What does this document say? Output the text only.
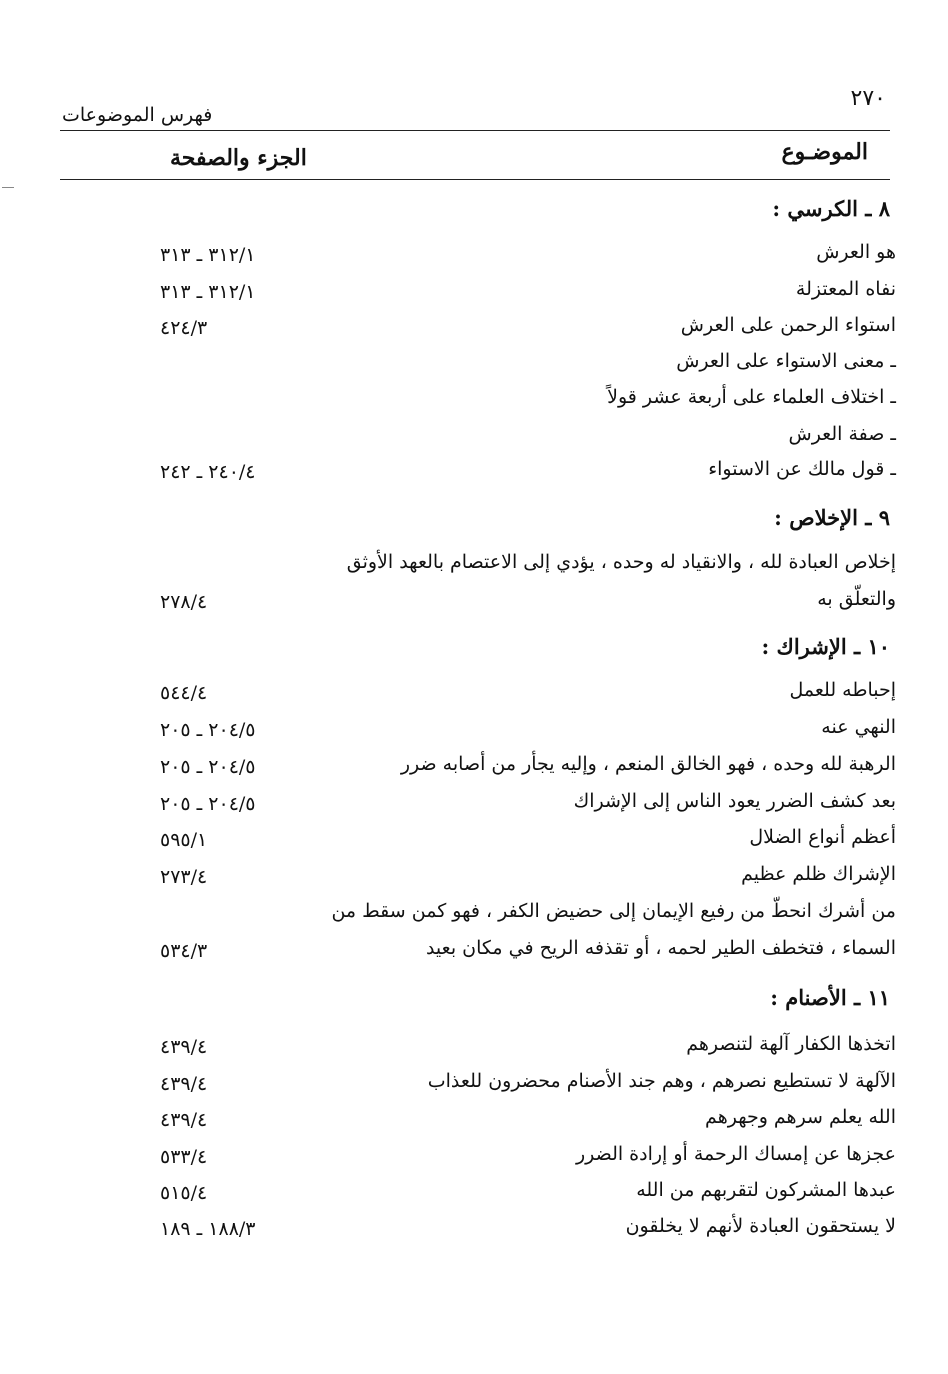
٢٧٠
فهرس الموضوعات
الموضـوع
الجزء والصفحة
٨ ـ الكرسي :
هو العرش
٣١٢/١ ـ ٣١٣
نفاه المعتزلة
٣١٢/١ ـ ٣١٣
استواء الرحمن على العرش
٤٢٤/٣
ـ معنى الاستواء على العرش
ـ اختلاف العلماء على أربعة عشر قولاً
ـ صفة العرش
ـ قول مالك عن الاستواء
٢٤٠/٤ ـ ٢٤٢
٩ ـ الإخلاص :
إخلاص العبادة لله ، والانقياد له وحده ، يؤدي إلى الاعتصام بالعهد الأوثق
والتعلّق به
٢٧٨/٤
١٠ ـ الإشراك :
إحباطه للعمل
٥٤٤/٤
النهي عنه
٢٠٤/٥ ـ ٢٠٥
الرهبة لله وحده ، فهو الخالق المنعم ، وإليه يجأر من أصابه ضرر
٢٠٤/٥ ـ ٢٠٥
بعد كشف الضرر يعود الناس إلى الإشراك
٢٠٤/٥ ـ ٢٠٥
أعظم أنواع الضلال
٥٩٥/١
الإشراك ظلم عظيم
٢٧٣/٤
من أشرك انحطّ من رفيع الإيمان إلى حضيض الكفر ، فهو كمن سقط من
السماء ، فتخطف الطير لحمه ، أو تقذفه الريح في مكان بعيد
٥٣٤/٣
١١ ـ الأصنام :
اتخذها الكفار آلهة لتنصرهم
٤٣٩/٤
الآلهة لا تستطيع نصرهم ، وهم جند الأصنام محضرون للعذاب
٤٣٩/٤
الله يعلم سرهم وجهرهم
٤٣٩/٤
عجزها عن إمساك الرحمة أو إرادة الضرر
٥٣٣/٤
عبدها المشركون لتقربهم من الله
٥١٥/٤
لا يستحقون العبادة لأنهم لا يخلقون
١٨٨/٣ ـ ١٨٩
